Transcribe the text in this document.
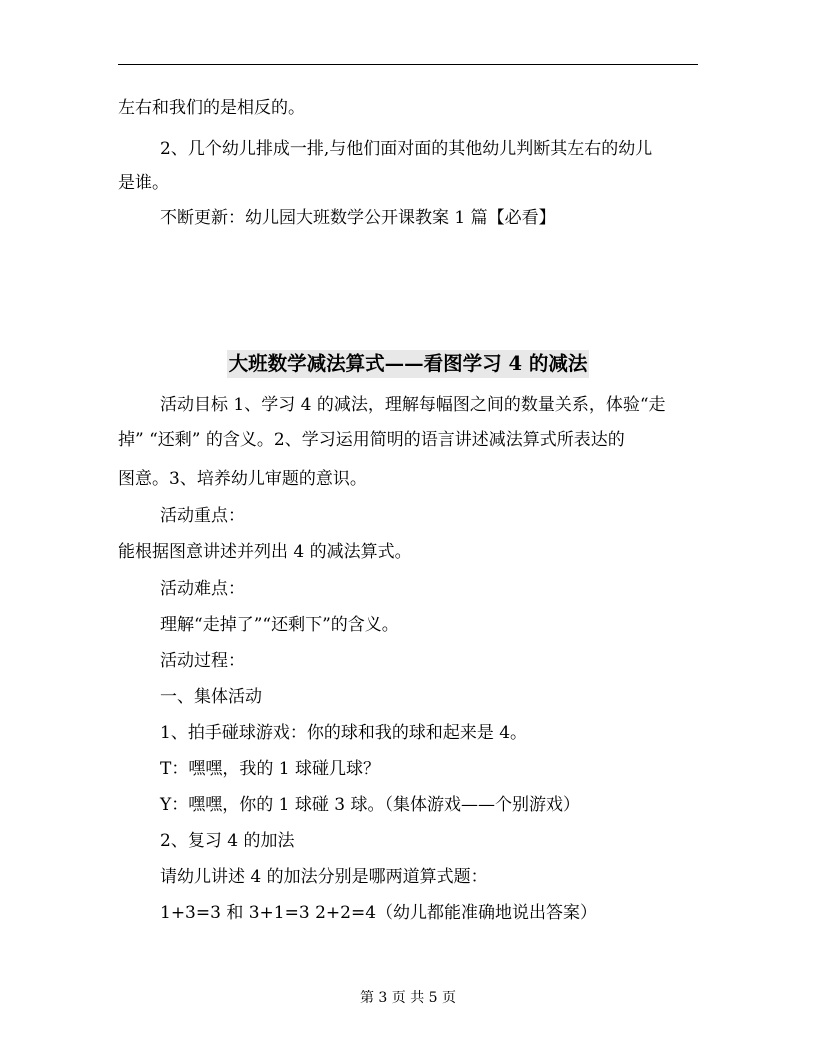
左右和我们的是相反的。
2、几个幼儿排成一排,与他们面对面的其他幼儿判断其左右的幼儿
是谁。
不断更新：幼儿园大班数学公开课教案 1 篇【必看】
大班数学减法算式——看图学习 4 的减法
活动目标 1、学习 4 的减法，理解每幅图之间的数量关系，体验“走
掉” “还剩” 的含义。2、学习运用简明的语言讲述减法算式所表达的
图意。3、培养幼儿审题的意识。
活动重点：
能根据图意讲述并列出 4 的减法算式。
活动难点：
理解“走掉了”“还剩下”的含义。
活动过程：
一、集体活动
1、拍手碰球游戏：你的球和我的球和起来是 4。
T：嘿嘿，我的 1 球碰几球？
Y：嘿嘿，你的 1 球碰 3 球。（集体游戏——个别游戏）
2、复习 4 的加法
请幼儿讲述 4 的加法分别是哪两道算式题：
1+3=3 和 3+1=3 2+2=4（幼儿都能准确地说出答案）
第 3 页 共 5 页
